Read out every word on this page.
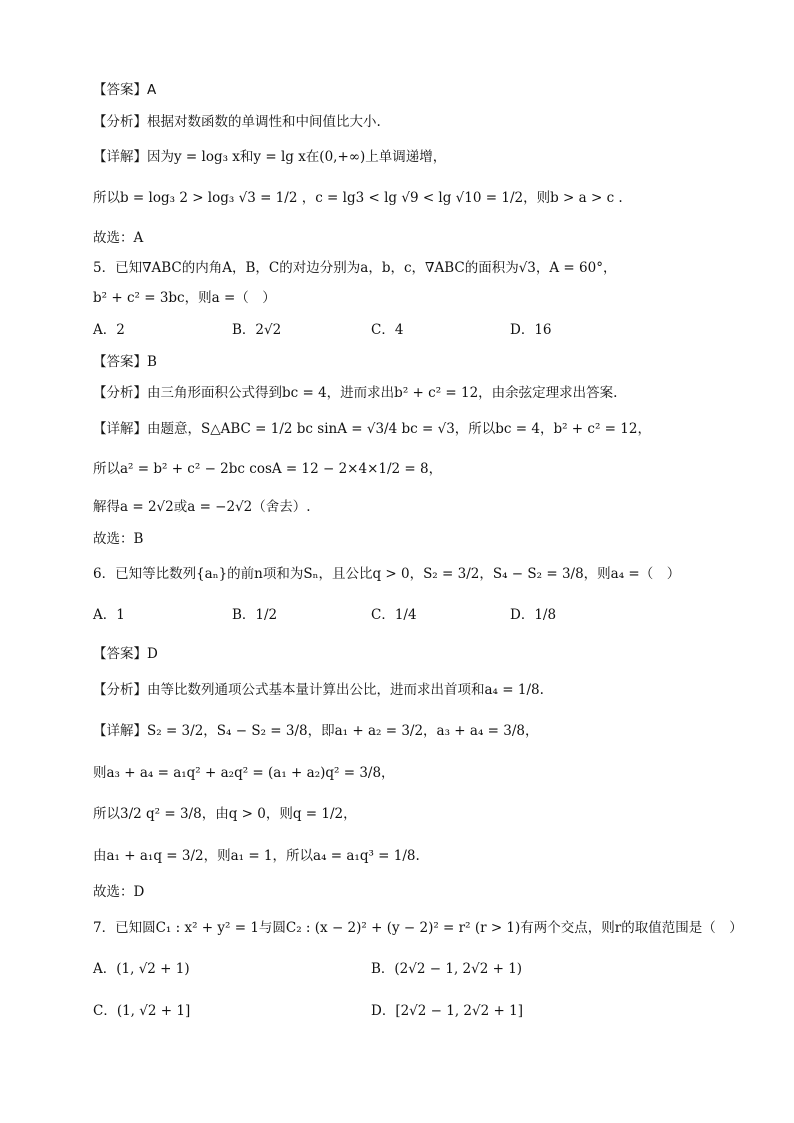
【答案】A
【分析】根据对数函数的单调性和中间值比大小.
【详解】因为y = log₃ x和y = lg x在(0,+∞)上单调递增，
所以b = log₃ 2 > log₃ √3 = 1/2 ，c = lg3 < lg √9 < lg √10 = 1/2，则b > a > c .
故选：A
5．已知∇ABC的内角A，B，C的对边分别为a，b，c，∇ABC的面积为√3，A = 60°，
b² + c² = 3bc，则a =（　）
A．2	B．2√2	C．4	D．16
【答案】B
【分析】由三角形面积公式得到bc = 4，进而求出b² + c² = 12，由余弦定理求出答案.
【详解】由题意，S△ABC = 1/2 bc sinA = √3/4 bc = √3，所以bc = 4，b² + c² = 12，
所以a² = b² + c² − 2bc cosA = 12 − 2×4×1/2 = 8，
解得a = 2√2或a = −2√2（舍去）.
故选：B
6．已知等比数列{aₙ}的前n项和为Sₙ，且公比q > 0，S₂ = 3/2，S₄ − S₂ = 3/8，则a₄ =（　）
A．1	B．1/2	C．1/4	D．1/8
【答案】D
【分析】由等比数列通项公式基本量计算出公比，进而求出首项和a₄ = 1/8.
【详解】S₂ = 3/2，S₄ − S₂ = 3/8，即a₁ + a₂ = 3/2，a₃ + a₄ = 3/8，
则a₃ + a₄ = a₁q² + a₂q² = (a₁ + a₂)q² = 3/8，
所以3/2 q² = 3/8，由q > 0，则q = 1/2，
由a₁ + a₁q = 3/2，则a₁ = 1，所以a₄ = a₁q³ = 1/8.
故选：D
7．已知圆C₁ : x² + y² = 1与圆C₂ : (x − 2)² + (y − 2)² = r² (r > 1)有两个交点，则r的取值范围是（　）
A．(1, √2 + 1)	B．(2√2 − 1, 2√2 + 1)
C．(1, √2 + 1]	D．[2√2 − 1, 2√2 + 1]
